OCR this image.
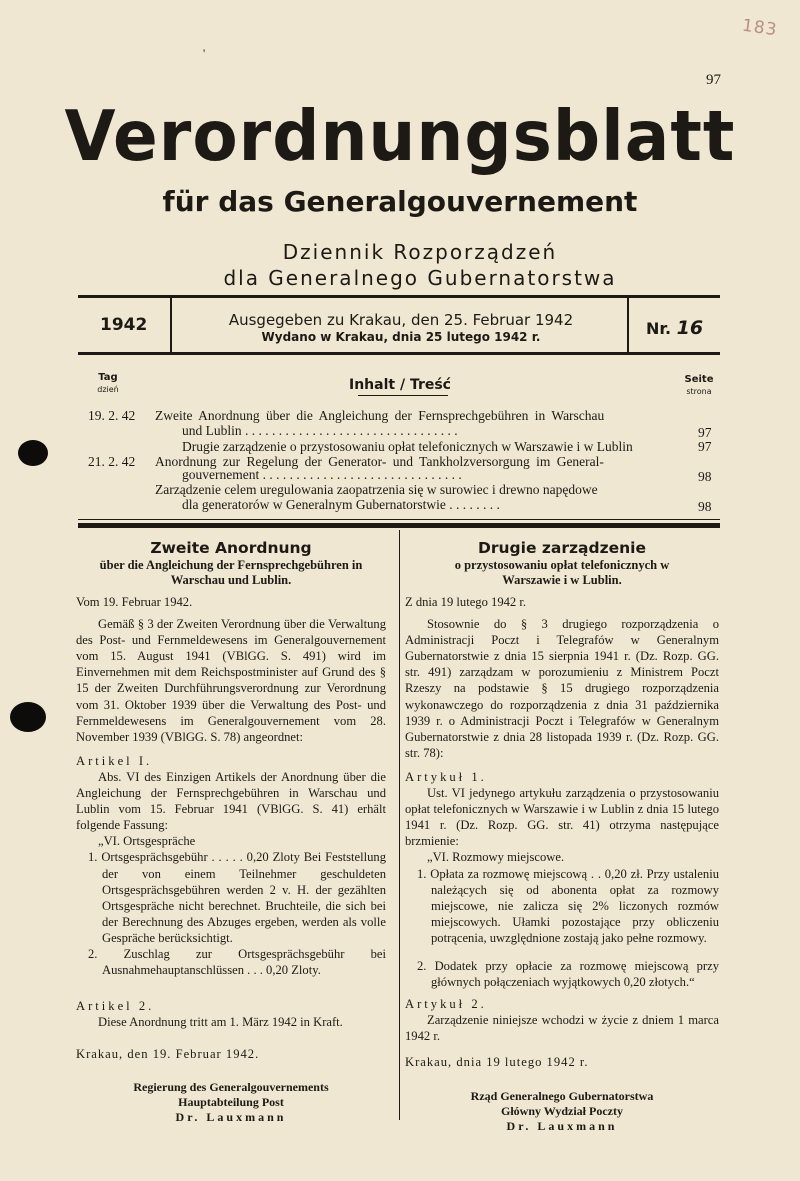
183
'
97
Verordnungsblatt
für das Generalgouvernement
Dziennik Rozporządzeń
dla Generalnego Gubernatorstwa
1942	Ausgegeben zu Krakau, den 25. Februar 1942
Wydano w Krakau, dnia 25 lutego 1942 r.	Nr. 16
Tag
dzień	Inhalt / Treść	Seite
strona
19. 2. 42 Zweite Anordnung über die Angleichung der Fernsprechgebühren in Warschau
und Lublin . . . . . . . . . . . . . . . . . . . . . . . . . . . . . . . .	97
Drugie zarządzenie o przystosowaniu opłat telefonicznych w Warszawie i w Lublin	97
21. 2. 42 Anordnung zur Regelung der Generator- und Tankholzversorgung im General-
gouvernement . . . . . . . . . . . . . . . . . . . . . . . . . . . . . .	98
Zarządzenie celem uregulowania zaopatrzenia się w surowiec i drewno napędowe
dla generatorów w Generalnym Gubernatorstwie . . . . . . . .	98
Zweite Anordnung
über die Angleichung der Fernsprechgebühren in Warschau und Lublin.

Vom 19. Februar 1942.

Gemäß § 3 der Zweiten Verordnung über die Verwaltung des Post- und Fernmeldewesens im Generalgouvernement vom 15. August 1941 (VBlGG. S. 491) wird im Einvernehmen mit dem Reichspostminister auf Grund des § 15 der Zweiten Durchführungsverordnung zur Verordnung vom 31. Oktober 1939 über die Verwaltung des Post- und Fernmeldewesens im Generalgouvernement vom 28. November 1939 (VBlGG. S. 78) angeordnet:

Artikel I.

Abs. VI des Einzigen Artikels der Anordnung über die Angleichung der Fernsprechgebühren in Warschau und Lublin vom 15. Februar 1941 (VBlGG. S. 41) erhält folgende Fassung:

„VI. Ortsgespräche

1. Ortsgesprächsgebühr . . . . . 0,20 Zloty Bei Feststellung der von einem Teilnehmer geschuldeten Ortsgesprächsgebühren werden 2 v. H. der gezählten Ortsgespräche nicht berechnet. Bruchteile, die sich bei der Berechnung des Abzuges ergeben, werden als volle Gespräche berücksichtigt.

2. Zuschlag zur Ortsgesprächsgebühr bei Ausnahmehauptanschlüssen . . . 0,20 Zloty.

Artikel 2.

Diese Anordnung tritt am 1. März 1942 in Kraft.

Krakau, den 19. Februar 1942.

Regierung des Generalgouvernements
Hauptabteilung Post
Dr. Lauxmann
Drugie zarządzenie
o przystosowaniu opłat telefonicznych w Warszawie i w Lublin.

Z dnia 19 lutego 1942 r.

Stosownie do § 3 drugiego rozporządzenia o Administracji Poczt i Telegrafów w Generalnym Gubernatorstwie z dnia 15 sierpnia 1941 r. (Dz. Rozp. GG. str. 491) zarządzam w porozumieniu z Ministrem Poczt Rzeszy na podstawie § 15 drugiego rozporządzenia wykonawczego do rozporządzenia z dnia 31 października 1939 r. o Administracji Poczt i Telegrafów w Generalnym Gubernatorstwie z dnia 28 listopada 1939 r. (Dz. Rozp. GG. str. 78):

Artykuł 1.

Ust. VI jedynego artykułu zarządzenia o przystosowaniu opłat telefonicznych w Warszawie i w Lublin z dnia 15 lutego 1941 r. (Dz. Rozp. GG. str. 41) otrzyma następujące brzmienie:

„VI. Rozmowy miejscowe.

1. Opłata za rozmowę miejscową . . 0,20 zł. Przy ustaleniu należących się od abonenta opłat za rozmowy miejscowe, nie zalicza się 2% liczonych rozmów miejscowych. Ułamki pozostające przy obliczeniu potrącenia, uwzględnione zostają jako pełne rozmowy.

2. Dodatek przy opłacie za rozmowę miejscową przy głównych połączeniach wyjątkowych 0,20 złotych.“

Artykuł 2.

Zarządzenie niniejsze wchodzi w życie z dniem 1 marca 1942 r.

Krakau, dnia 19 lutego 1942 r.

Rząd Generalnego Gubernatorstwa
Główny Wydział Poczty
Dr. Lauxmann
